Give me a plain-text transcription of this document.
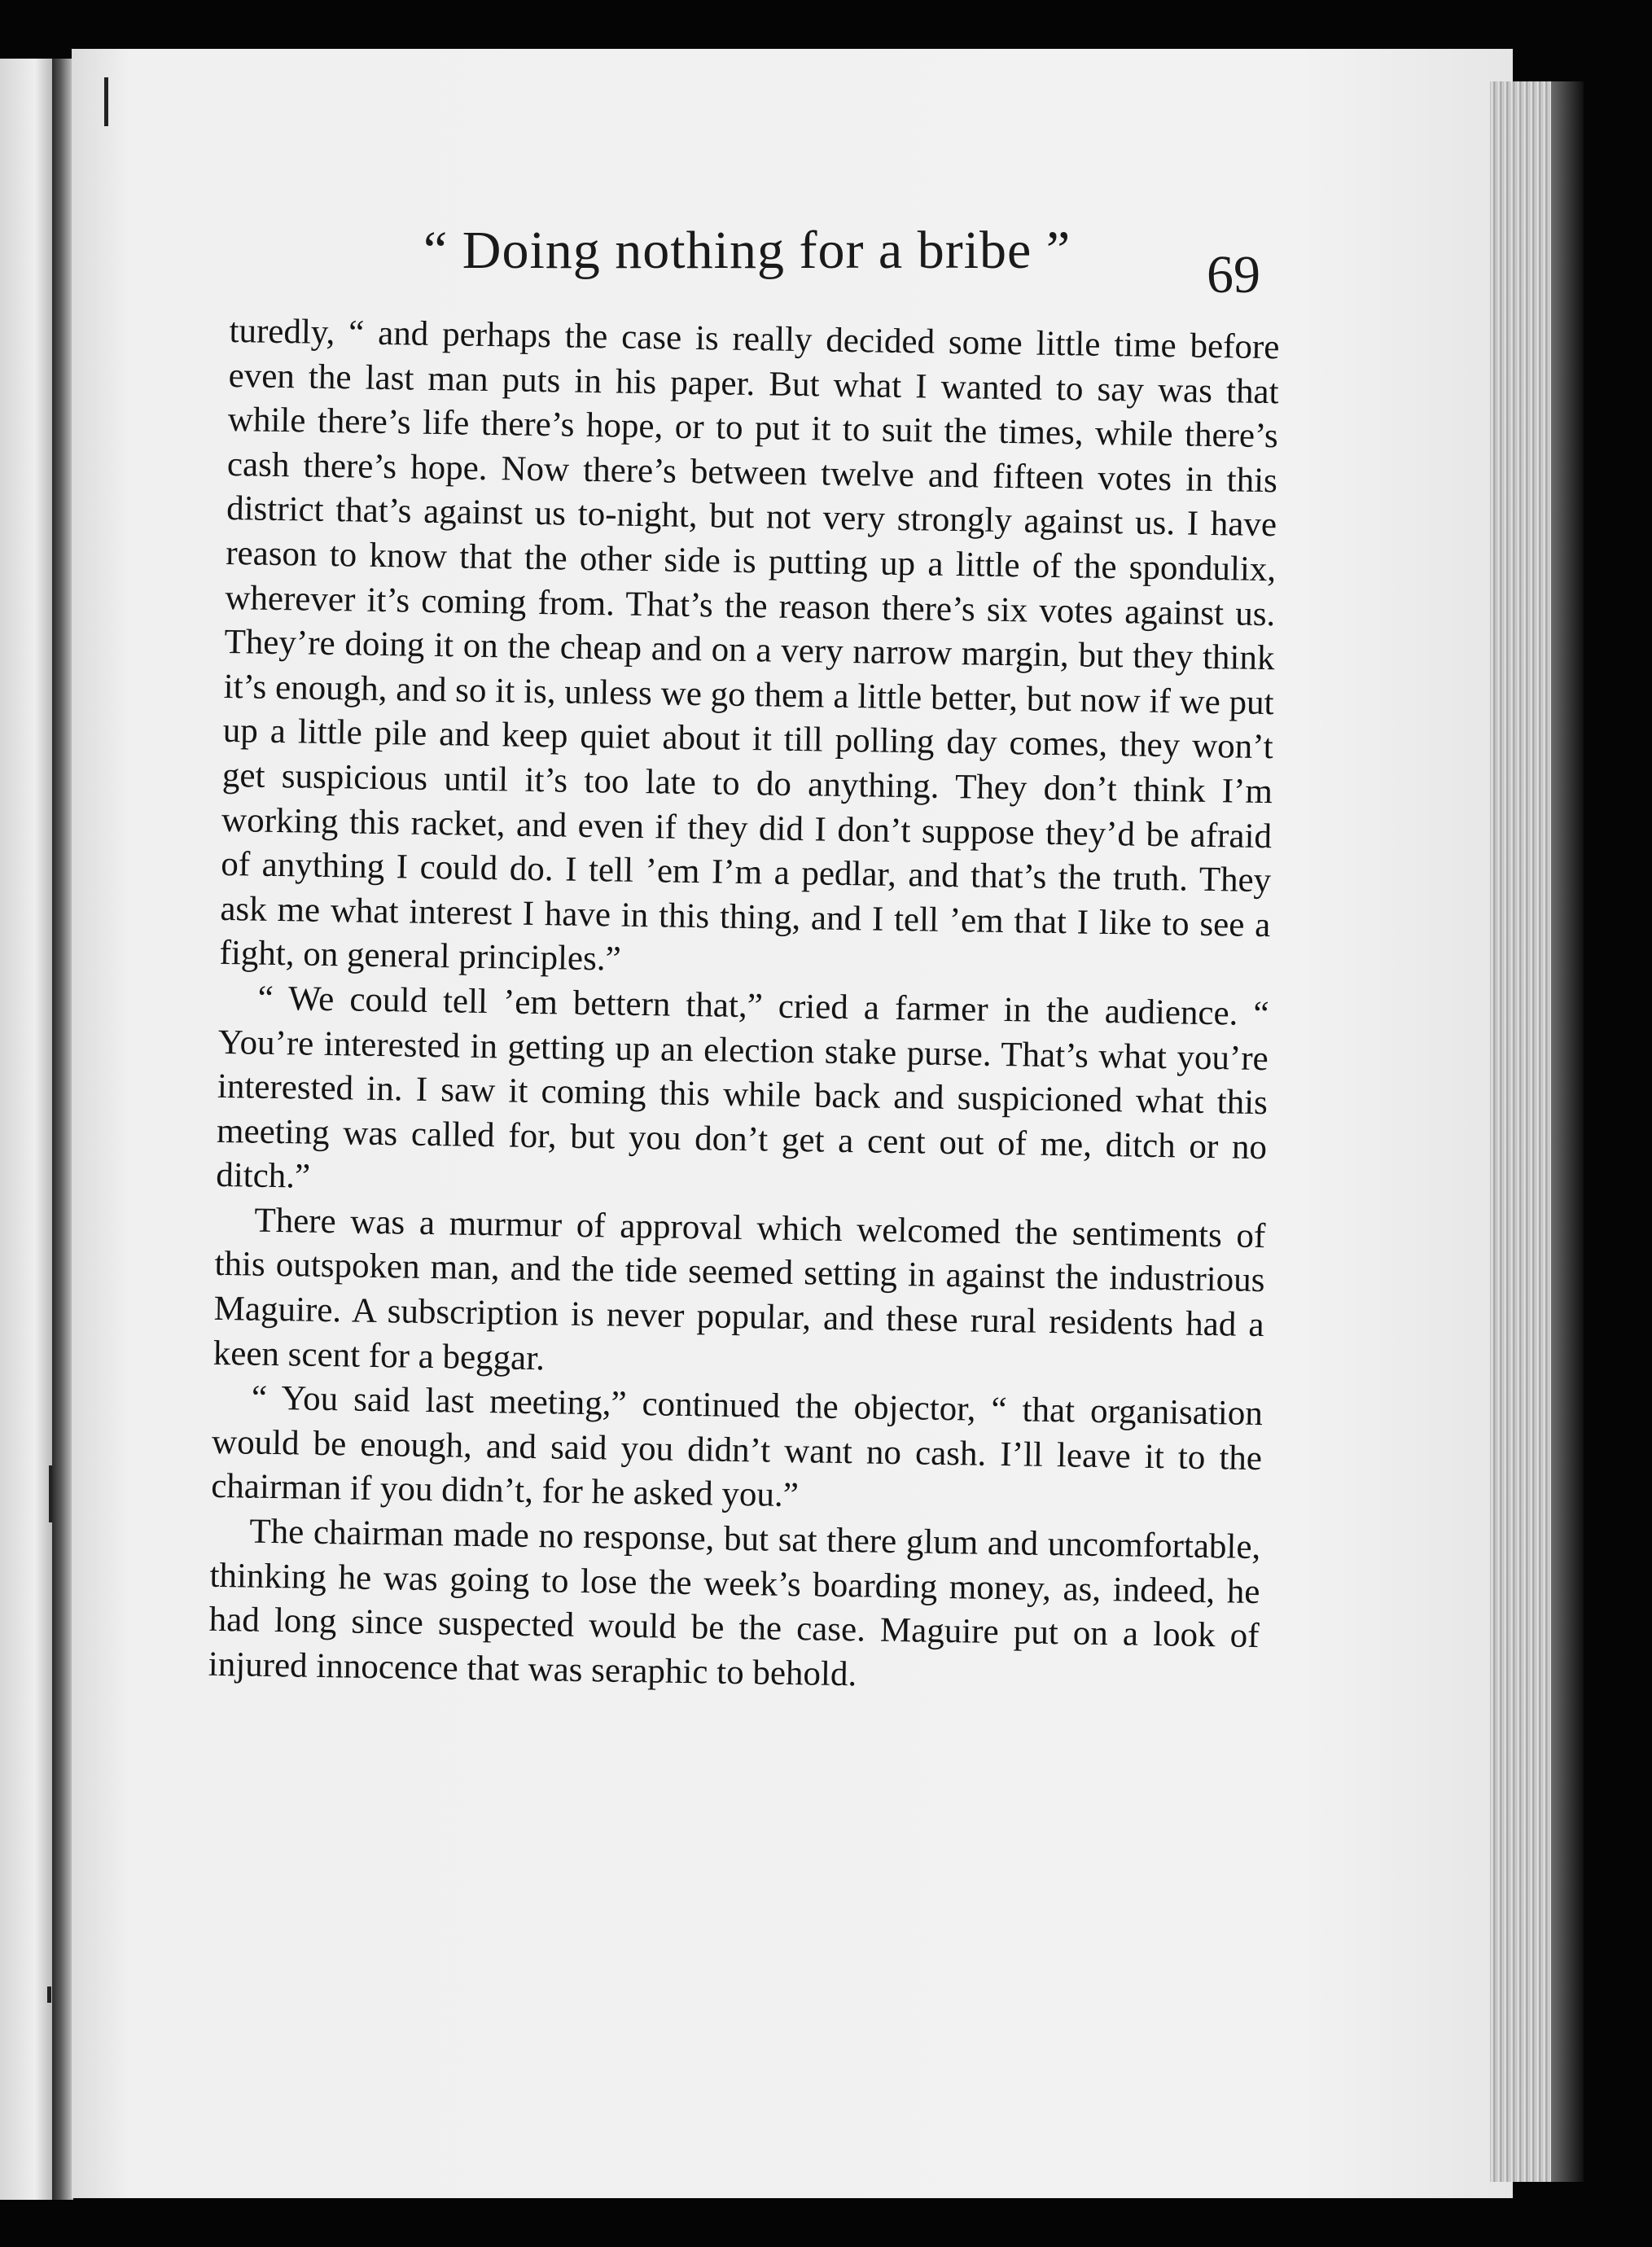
“ Doing nothing for a bribe ”	69

turedly, “ and perhaps the case is really decided some little time before even the last man puts in his paper. But what I wanted to say was that while there’s life there’s hope, or to put it to suit the times, while there’s cash there’s hope. Now there’s between twelve and fifteen votes in this district that’s against us to-night, but not very strongly against us. I have reason to know that the other side is putting up a little of the spondulix, wherever it’s coming from. That’s the reason there’s six votes against us. They’re doing it on the cheap and on a very narrow margin, but they think it’s enough, and so it is, unless we go them a little better, but now if we put up a little pile and keep quiet about it till polling day comes, they won’t get suspicious until it’s too late to do anything. They don’t think I’m working this racket, and even if they did I don’t suppose they’d be afraid of anything I could do. I tell ’em I’m a pedlar, and that’s the truth. They ask me what interest I have in this thing, and I tell ’em that I like to see a fight, on general principles.”

“ We could tell ’em bettern that,” cried a farmer in the audience. “ You’re interested in getting up an election stake purse. That’s what you’re interested in. I saw it coming this while back and suspicioned what this meeting was called for, but you don’t get a cent out of me, ditch or no ditch.”

There was a murmur of approval which welcomed the sentiments of this outspoken man, and the tide seemed setting in against the industrious Maguire. A subscription is never popular, and these rural residents had a keen scent for a beggar.

“ You said last meeting,” continued the objector, “ that organisation would be enough, and said you didn’t want no cash. I’ll leave it to the chairman if you didn’t, for he asked you.”

The chairman made no response, but sat there glum and uncomfortable, thinking he was going to lose the week’s boarding money, as, indeed, he had long since suspected would be the case. Maguire put on a look of injured innocence that was seraphic to behold.
